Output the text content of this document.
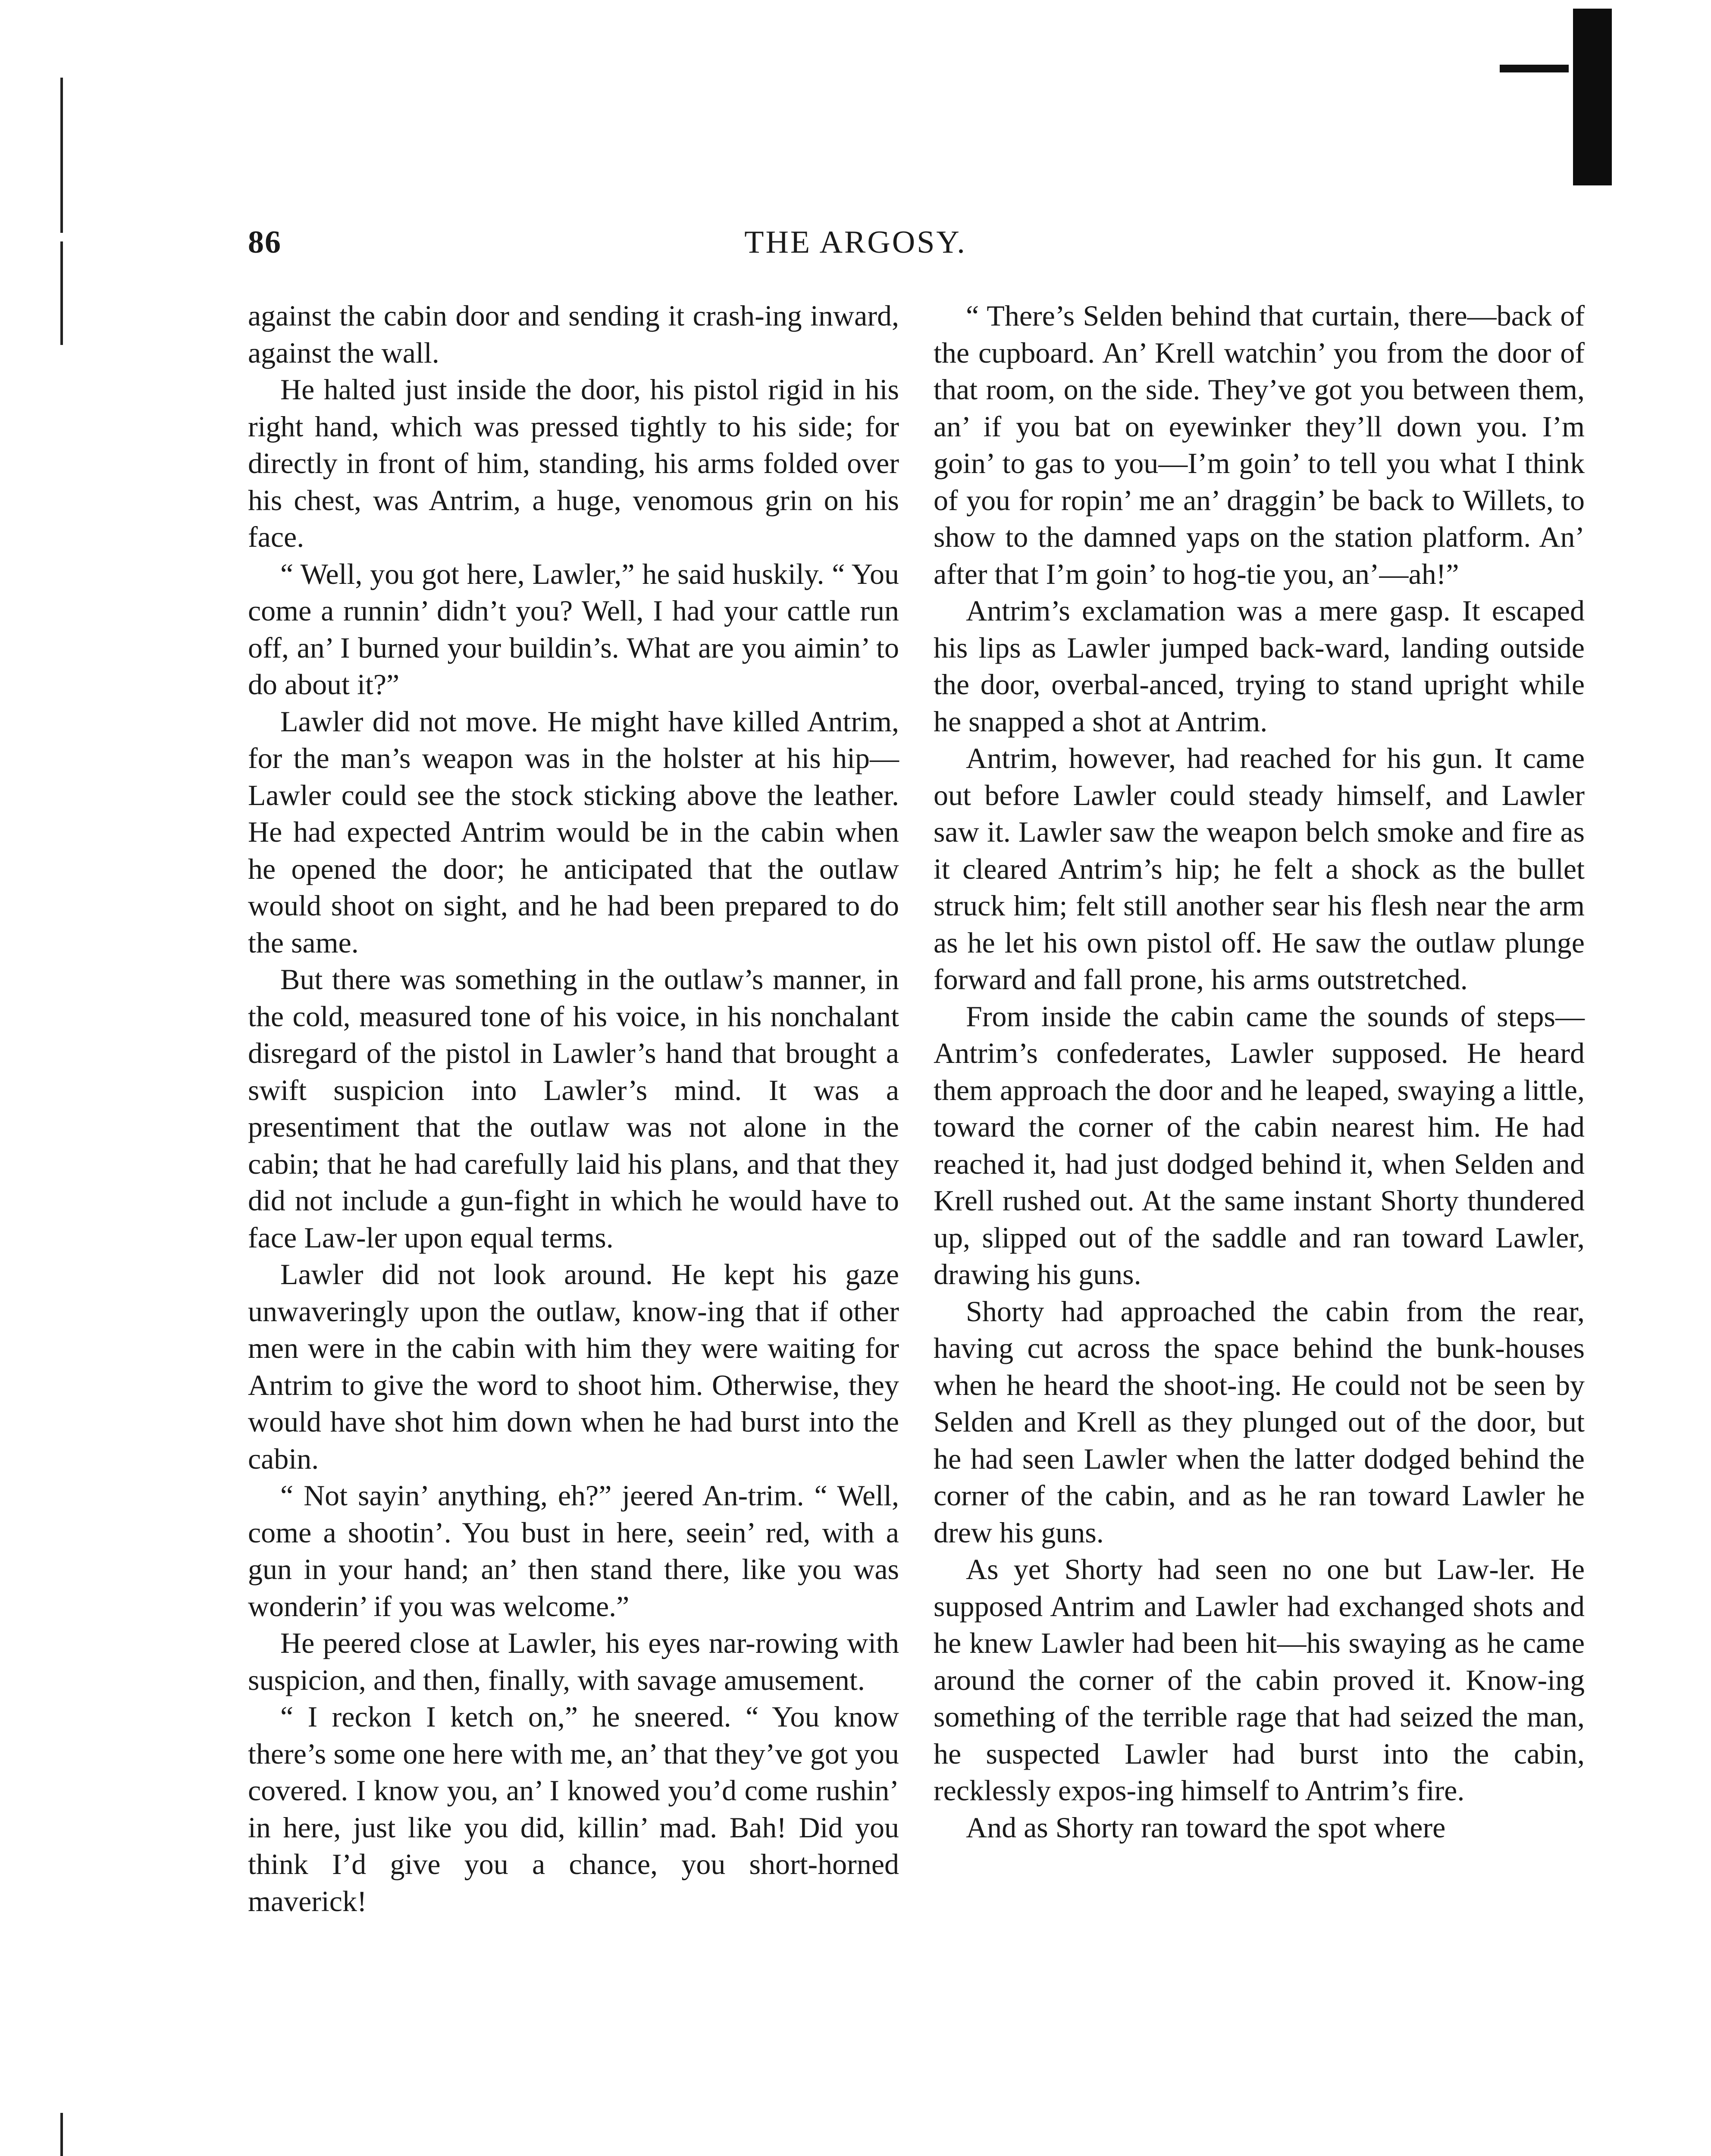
86	THE ARGOSY.

against the cabin door and sending it crash-ing inward, against the wall.

He halted just inside the door, his pistol rigid in his right hand, which was pressed tightly to his side; for directly in front of him, standing, his arms folded over his chest, was Antrim, a huge, venomous grin on his face.

“ Well, you got here, Lawler,” he said huskily. “ You come a runnin’ didn’t you? Well, I had your cattle run off, an’ I burned your buildin’s. What are you aimin’ to do about it?”

Lawler did not move. He might have killed Antrim, for the man’s weapon was in the holster at his hip—Lawler could see the stock sticking above the leather. He had expected Antrim would be in the cabin when he opened the door; he anticipated that the outlaw would shoot on sight, and he had been prepared to do the same.

But there was something in the outlaw’s manner, in the cold, measured tone of his voice, in his nonchalant disregard of the pistol in Lawler’s hand that brought a swift suspicion into Lawler’s mind. It was a presentiment that the outlaw was not alone in the cabin; that he had carefully laid his plans, and that they did not include a gun-fight in which he would have to face Law-ler upon equal terms.

Lawler did not look around. He kept his gaze unwaveringly upon the outlaw, know-ing that if other men were in the cabin with him they were waiting for Antrim to give the word to shoot him. Otherwise, they would have shot him down when he had burst into the cabin.

“ Not sayin’ anything, eh?” jeered An-trim. “ Well, come a shootin’. You bust in here, seein’ red, with a gun in your hand; an’ then stand there, like you was wonderin’ if you was welcome.”

He peered close at Lawler, his eyes nar-rowing with suspicion, and then, finally, with savage amusement.

“ I reckon I ketch on,” he sneered. “ You know there’s some one here with me, an’ that they’ve got you covered. I know you, an’ I knowed you’d come rushin’ in here, just like you did, killin’ mad. Bah! Did you think I’d give you a chance, you short-horned maverick!

“ There’s Selden behind that curtain, there—back of the cupboard. An’ Krell watchin’ you from the door of that room, on the side. They’ve got you between them, an’ if you bat on eyewinker they’ll down you. I’m goin’ to gas to you—I’m goin’ to tell you what I think of you for ropin’ me an’ draggin’ be back to Willets, to show to the damned yaps on the station platform. An’ after that I’m goin’ to hog-tie you, an’—ah!”

Antrim’s exclamation was a mere gasp. It escaped his lips as Lawler jumped back-ward, landing outside the door, overbal-anced, trying to stand upright while he snapped a shot at Antrim.

Antrim, however, had reached for his gun. It came out before Lawler could steady himself, and Lawler saw it. Lawler saw the weapon belch smoke and fire as it cleared Antrim’s hip; he felt a shock as the bullet struck him; felt still another sear his flesh near the arm as he let his own pistol off. He saw the outlaw plunge forward and fall prone, his arms outstretched.

From inside the cabin came the sounds of steps—Antrim’s confederates, Lawler supposed. He heard them approach the door and he leaped, swaying a little, toward the corner of the cabin nearest him. He had reached it, had just dodged behind it, when Selden and Krell rushed out. At the same instant Shorty thundered up, slipped out of the saddle and ran toward Lawler, drawing his guns.

Shorty had approached the cabin from the rear, having cut across the space behind the bunk-houses when he heard the shoot-ing. He could not be seen by Selden and Krell as they plunged out of the door, but he had seen Lawler when the latter dodged behind the corner of the cabin, and as he ran toward Lawler he drew his guns.

As yet Shorty had seen no one but Law-ler. He supposed Antrim and Lawler had exchanged shots and he knew Lawler had been hit—his swaying as he came around the corner of the cabin proved it. Know-ing something of the terrible rage that had seized the man, he suspected Lawler had burst into the cabin, recklessly expos-ing himself to Antrim’s fire.

And as Shorty ran toward the spot where
